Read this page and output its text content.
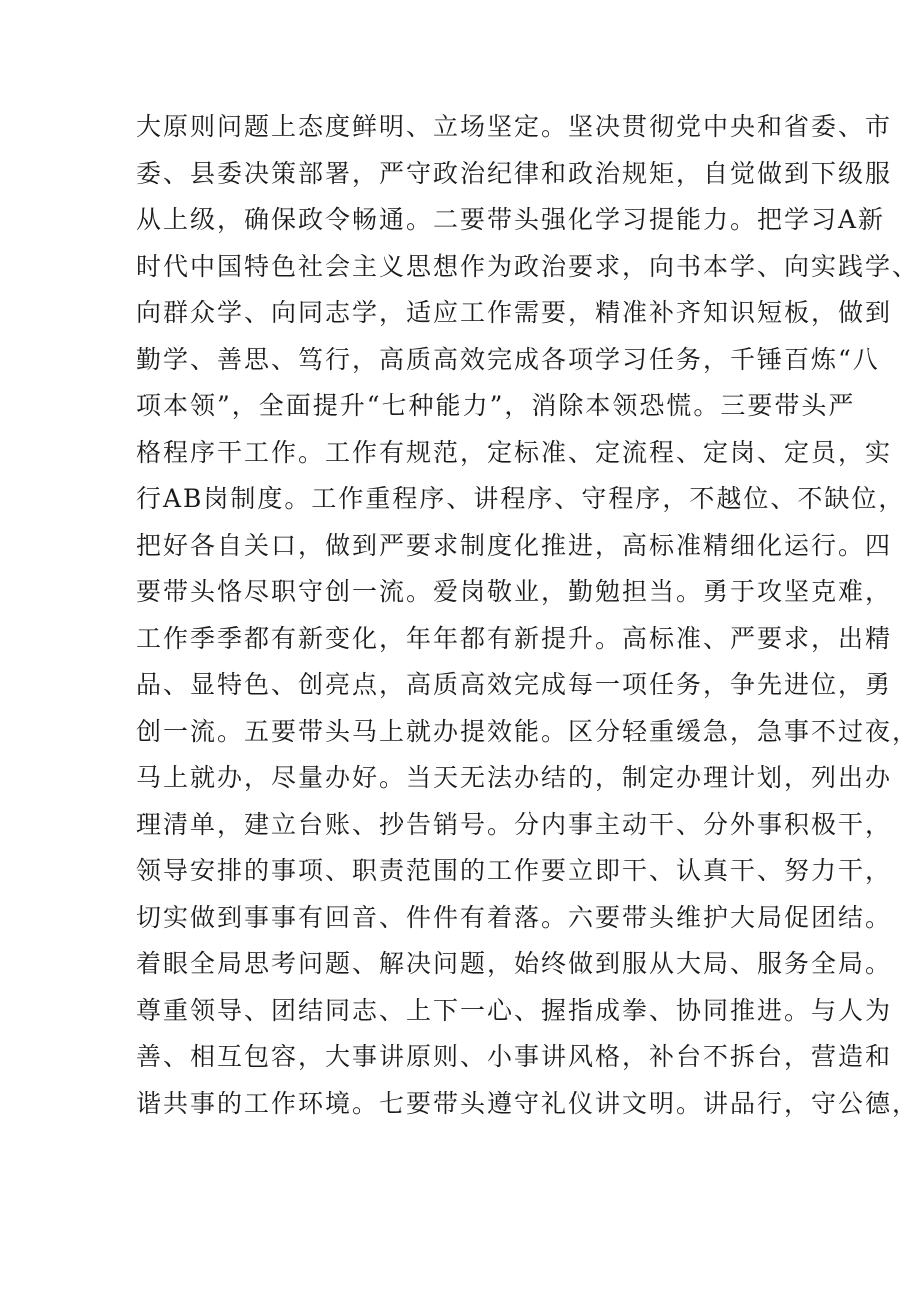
大原则问题上态度鲜明、立场坚定。坚决贯彻党中央和省委、市
委、县委决策部署，严守政治纪律和政治规矩，自觉做到下级服
从上级，确保政令畅通。二要带头强化学习提能力。把学习A新
时代中国特色社会主义思想作为政治要求，向书本学、向实践学、
向群众学、向同志学，适应工作需要，精准补齐知识短板，做到
勤学、善思、笃行，高质高效完成各项学习任务，千锤百炼“八
项本领”，全面提升“七种能力”，消除本领恐慌。三要带头严
格程序干工作。工作有规范，定标准、定流程、定岗、定员，实
行AB岗制度。工作重程序、讲程序、守程序，不越位、不缺位，
把好各自关口，做到严要求制度化推进，高标准精细化运行。四
要带头恪尽职守创一流。爱岗敬业，勤勉担当。勇于攻坚克难，
工作季季都有新变化，年年都有新提升。高标准、严要求，出精
品、显特色、创亮点，高质高效完成每一项任务，争先进位，勇
创一流。五要带头马上就办提效能。区分轻重缓急，急事不过夜，
马上就办，尽量办好。当天无法办结的，制定办理计划，列出办
理清单，建立台账、抄告销号。分内事主动干、分外事积极干，
领导安排的事项、职责范围的工作要立即干、认真干、努力干，
切实做到事事有回音、件件有着落。六要带头维护大局促团结。
着眼全局思考问题、解决问题，始终做到服从大局、服务全局。
尊重领导、团结同志、上下一心、握指成拳、协同推进。与人为
善、相互包容，大事讲原则、小事讲风格，补台不拆台，营造和
谐共事的工作环境。七要带头遵守礼仪讲文明。讲品行，守公德，
